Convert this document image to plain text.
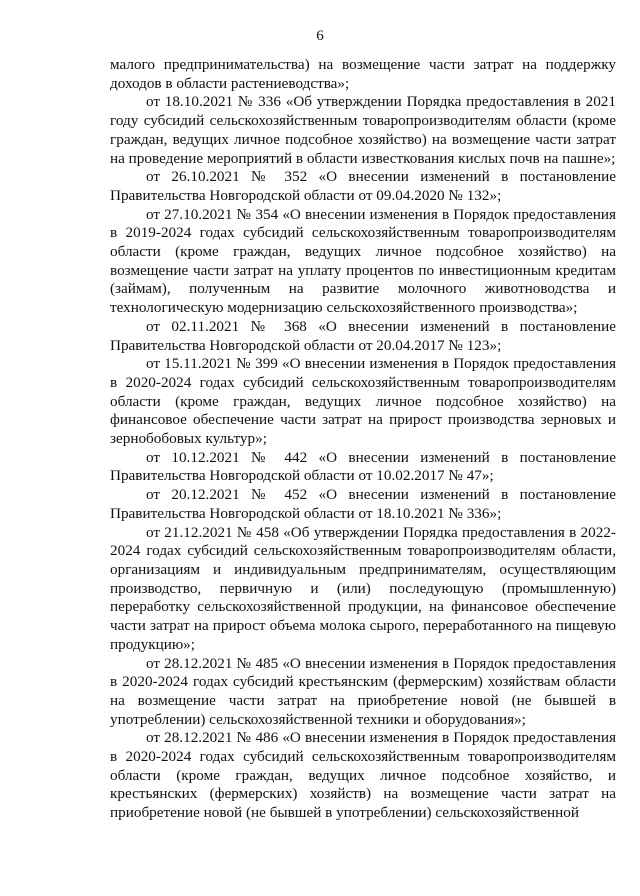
6

малого предпринимательства) на возмещение части затрат на поддержку доходов в области растениеводства»;

от 18.10.2021 № 336 «Об утверждении Порядка предоставления в 2021 году субсидий сельскохозяйственным товаропроизводителям области (кроме граждан, ведущих личное подсобное хозяйство) на возмещение части затрат на проведение мероприятий в области известкования кислых почв на пашне»;

от 26.10.2021 № 352 «О внесении изменений в постановление Правительства Новгородской области от 09.04.2020 № 132»;

от 27.10.2021 № 354 «О внесении изменения в Порядок предоставления в 2019-2024 годах субсидий сельскохозяйственным товаропроизводителям области (кроме граждан, ведущих личное подсобное хозяйство) на возмещение части затрат на уплату процентов по инвестиционным кредитам (займам), полученным на развитие молочного животноводства и технологическую модернизацию сельскохозяйственного производства»;

от 02.11.2021 № 368 «О внесении изменений в постановление Правительства Новгородской области от 20.04.2017 № 123»;

от 15.11.2021 № 399 «О внесении изменения в Порядок предоставления в 2020-2024 годах субсидий сельскохозяйственным товаропроизводителям области (кроме граждан, ведущих личное подсобное хозяйство) на финансовое обеспечение части затрат на прирост производства зерновых и зернобобовых культур»;

от 10.12.2021 № 442 «О внесении изменений в постановление Правительства Новгородской области от 10.02.2017 № 47»;

от 20.12.2021 № 452 «О внесении изменений в постановление Правительства Новгородской области от 18.10.2021 № 336»;

от 21.12.2021 № 458 «Об утверждении Порядка предоставления в 2022-2024 годах субсидий сельскохозяйственным товаропроизводителям области, организациям и индивидуальным предпринимателям, осуществляющим производство, первичную и (или) последующую (промышленную) переработку сельскохозяйственной продукции, на финансовое обеспечение части затрат на прирост объема молока сырого, переработанного на пищевую продукцию»;

от 28.12.2021 № 485 «О внесении изменения в Порядок предоставления в 2020-2024 годах субсидий крестьянским (фермерским) хозяйствам области на возмещение части затрат на приобретение новой (не бывшей в употреблении) сельскохозяйственной техники и оборудования»;

от 28.12.2021 № 486 «О внесении изменения в Порядок предоставления в 2020-2024 годах субсидий сельскохозяйственным товаропроизводителям области (кроме граждан, ведущих личное подсобное хозяйство, и крестьянских (фермерских) хозяйств) на возмещение части затрат на приобретение новой (не бывшей в употреблении) сельскохозяйственной
